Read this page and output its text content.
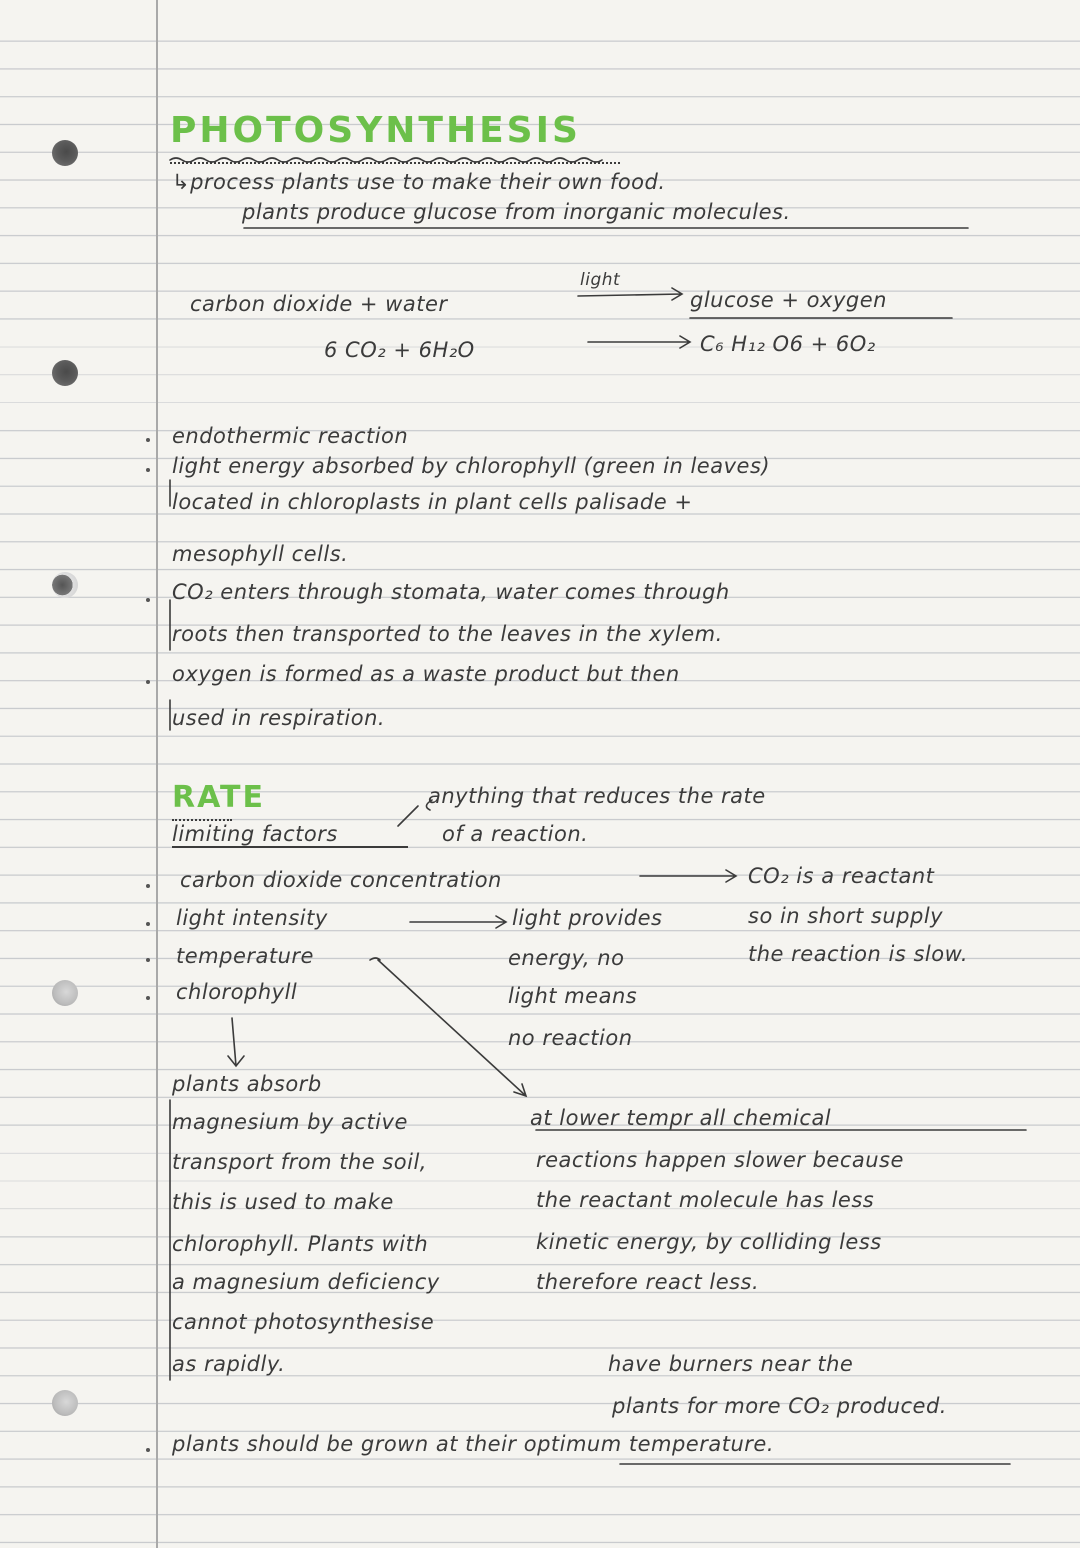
PHOTOSYNTHESIS
↳process plants use to make their own food.
plants produce glucose from inorganic molecules.
light
carbon dioxide + water	glucose + oxygen
6 CO₂ + 6H₂O	C₆ H₁₂ O6 + 6O₂
endothermic reaction
light energy absorbed by chlorophyll (green in leaves)
located in chloroplasts in plant cells palisade +
mesophyll cells.
CO₂ enters through stomata, water comes through
roots then transported to the leaves in the xylem.
oxygen is formed as a waste product but then
used in respiration.
RATE	anything that reduces the rate
of a reaction.
limiting factors
carbon dioxide concentration
light intensity
temperature
chlorophyll
CO₂ is a reactant
so in short supply
the reaction is slow.
light provides
energy, no
light means
no reaction
plants absorb
magnesium by active
transport from the soil,
this is used to make
chlorophyll. Plants with
a magnesium deficiency
cannot photosynthesise
as rapidly.
at lower tempr all chemical
reactions happen slower because
the reactant molecule has less
kinetic energy, by colliding less
therefore react less.
have burners near the
plants for more CO₂ produced.
plants should be grown at their optimum temperature.
